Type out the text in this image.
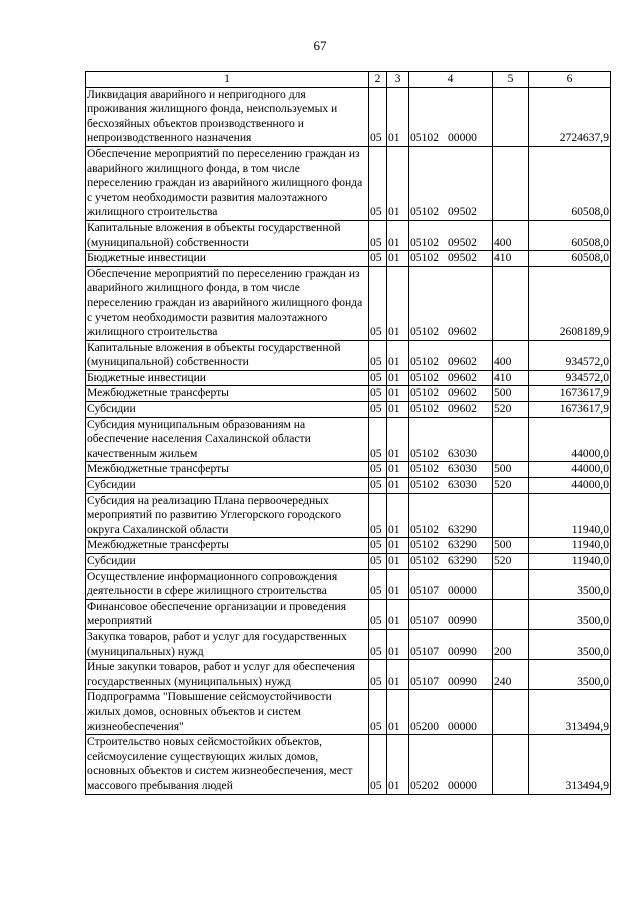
67
1	2	3	4	5	6
Ликвидация аварийного и непригодного для проживания жилищного фонда, неиспользуемых и бесхозяйных объектов производственного и непроизводственного назначения	05	01	05102 00000		2724637,9
Обеспечение мероприятий по переселению граждан из аварийного жилищного фонда, в том числе переселению граждан из аварийного жилищного фонда с учетом необходимости развития малоэтажного жилищного строительства	05	01	05102 09502		60508,0
Капитальные вложения в объекты государственной (муниципальной) собственности	05	01	05102 09502	400	60508,0
Бюджетные инвестиции	05	01	05102 09502	410	60508,0
Обеспечение мероприятий по переселению граждан из аварийного жилищного фонда, в том числе переселению граждан из аварийного жилищного фонда с учетом необходимости развития малоэтажного жилищного строительства	05	01	05102 09602		2608189,9
Капитальные вложения в объекты государственной (муниципальной) собственности	05	01	05102 09602	400	934572,0
Бюджетные инвестиции	05	01	05102 09602	410	934572,0
Межбюджетные трансферты	05	01	05102 09602	500	1673617,9
Субсидии	05	01	05102 09602	520	1673617,9
Субсидия муниципальным образованиям на обеспечение населения Сахалинской области качественным жильем	05	01	05102 63030		44000,0
Межбюджетные трансферты	05	01	05102 63030	500	44000,0
Субсидии	05	01	05102 63030	520	44000,0
Субсидия на реализацию Плана первоочередных мероприятий по развитию Углегорского городского округа Сахалинской области	05	01	05102 63290		11940,0
Межбюджетные трансферты	05	01	05102 63290	500	11940,0
Субсидии	05	01	05102 63290	520	11940,0
Осуществление информационного сопровождения деятельности в сфере жилищного строительства	05	01	05107 00000		3500,0
Финансовое обеспечение организации и проведения мероприятий	05	01	05107 00990		3500,0
Закупка товаров, работ и услуг для государственных (муниципальных) нужд	05	01	05107 00990	200	3500,0
Иные закупки товаров, работ и услуг для обеспечения государственных (муниципальных) нужд	05	01	05107 00990	240	3500,0
Подпрограмма "Повышение сейсмоустойчивости жилых домов, основных объектов и систем жизнеобеспечения"	05	01	05200 00000		313494,9
Строительство новых сейсмостойких объектов, сейсмоусиление существующих жилых домов, основных объектов и систем жизнеобеспечения, мест массового пребывания людей	05	01	05202 00000		313494,9
